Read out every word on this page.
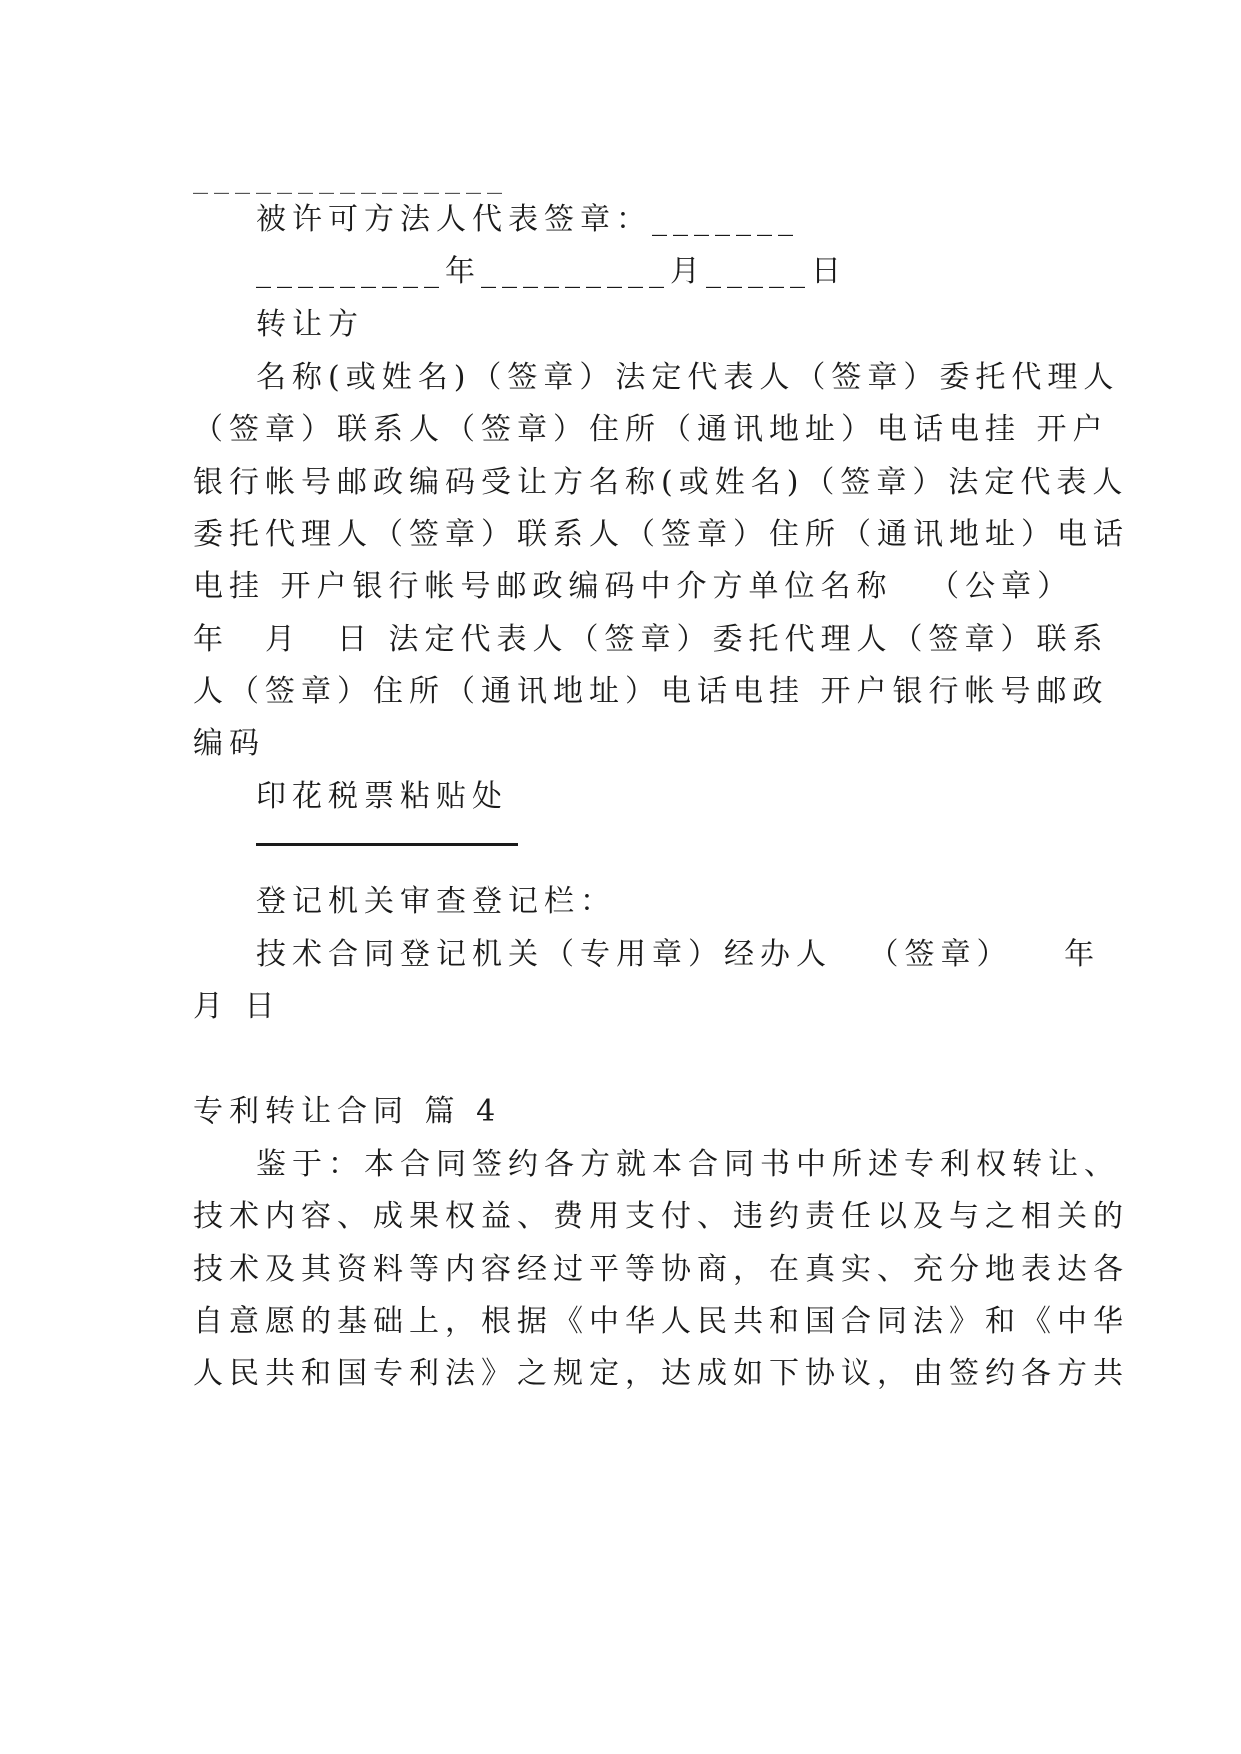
_______________
被许可方法人代表签章：_______
_________年_________月_____日
转让方
名称(或姓名)（签章）法定代表人（签章）委托代理人
（签章）联系人（签章）住所（通讯地址）电话电挂 开户
银行帐号邮政编码受让方名称(或姓名)（签章）法定代表人
委托代理人（签章）联系人（签章）住所（通讯地址）电话
电挂 开户银行帐号邮政编码中介方单位名称 　（公章）
年　月　日 法定代表人（签章）委托代理人（签章）联系
人（签章）住所（通讯地址）电话电挂 开户银行帐号邮政
编码
印花税票粘贴处
登记机关审查登记栏：
技术合同登记机关（专用章）经办人 　（签章） 　年
月 日
专利转让合同 篇 4
鉴于：本合同签约各方就本合同书中所述专利权转让、
技术内容、成果权益、费用支付、违约责任以及与之相关的
技术及其资料等内容经过平等协商，在真实、充分地表达各
自意愿的基础上，根据《中华人民共和国合同法》和《中华
人民共和国专利法》之规定，达成如下协议，由签约各方共
